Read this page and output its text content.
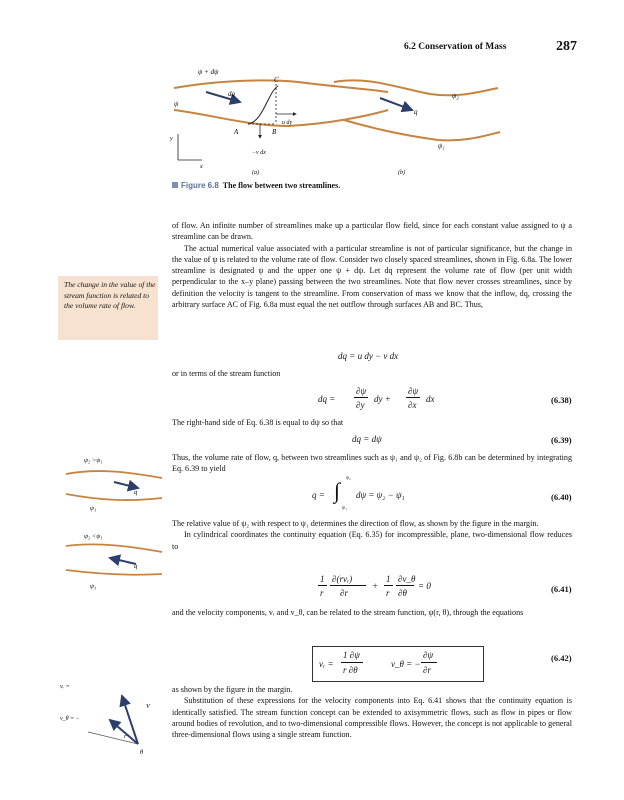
6.2 Conservation of Mass	287
ψ + dψ
dq
C
ψ
A	B
u dy
−v dx
y
x
(a)
ψ₂
ψ₁
q
(b)
Figure 6.8 The flow between two streamlines.
The change in the value of the stream function is related to the volume rate of flow.
ψ₂ >ψ₁
q
ψ₁
ψ₂ <ψ₁
q
ψ₁
vᵣ =
v_θ = −
V
r
θ

of flow. An infinite number of streamlines make up a particular flow field, since for each constant value assigned to ψ a streamline can be drawn.

The actual numerical value associated with a particular streamline is not of particular significance, but the change in the value of ψ is related to the volume rate of flow. Consider two closely spaced streamlines, shown in Fig. 6.8a. The lower streamline is designated ψ and the upper one ψ + dψ. Let dq represent the volume rate of flow (per unit width perpendicular to the x–y plane) passing between the two streamlines. Note that flow never crosses streamlines, since by definition the velocity is tangent to the streamline. From conservation of mass we know that the inflow, dq, crossing the arbitrary surface AC of Fig. 6.8a must equal the net outflow through surfaces AB and BC. Thus,

dq = u dy − v dx
or in terms of the stream function
dq =
∂ψ
∂y
dy +
∂ψ
∂x
dx	(6.38)
The right-hand side of Eq. 6.38 is equal to dψ so that
dq = dψ	(6.39)
Thus, the volume rate of flow, q, between two streamlines such as ψ₁ and ψ₂ of Fig. 6.8b can be determined by integrating Eq. 6.39 to yield
q = ∫ ψ₂
ψ₁
dψ = ψ₂ − ψ₁	(6.40)

The relative value of ψ₂ with respect to ψ₁ determines the direction of flow, as shown by the figure in the margin.

In cylindrical coordinates the continuity equation (Eq. 6.35) for incompressible, plane, two-dimensional flow reduces to

1
r
∂(rvᵣ)
∂r
+
1
r
∂v_θ
∂θ
= 0	(6.41)
and the velocity components, vᵣ and v_θ, can be related to the stream function, ψ(r, θ), through the equations
vᵣ =
1 ∂ψ
r ∂θ
v_θ = −
∂ψ
∂r
(6.42)

as shown by the figure in the margin.

Substitution of these expressions for the velocity components into Eq. 6.41 shows that the continuity equation is identically satisfied. The stream function concept can be extended to axisymmetric flows, such as flow in pipes or flow around bodies of revolution, and to two-dimensional compressible flows. However, the concept is not applicable to general three-dimensional flows using a single stream function.
